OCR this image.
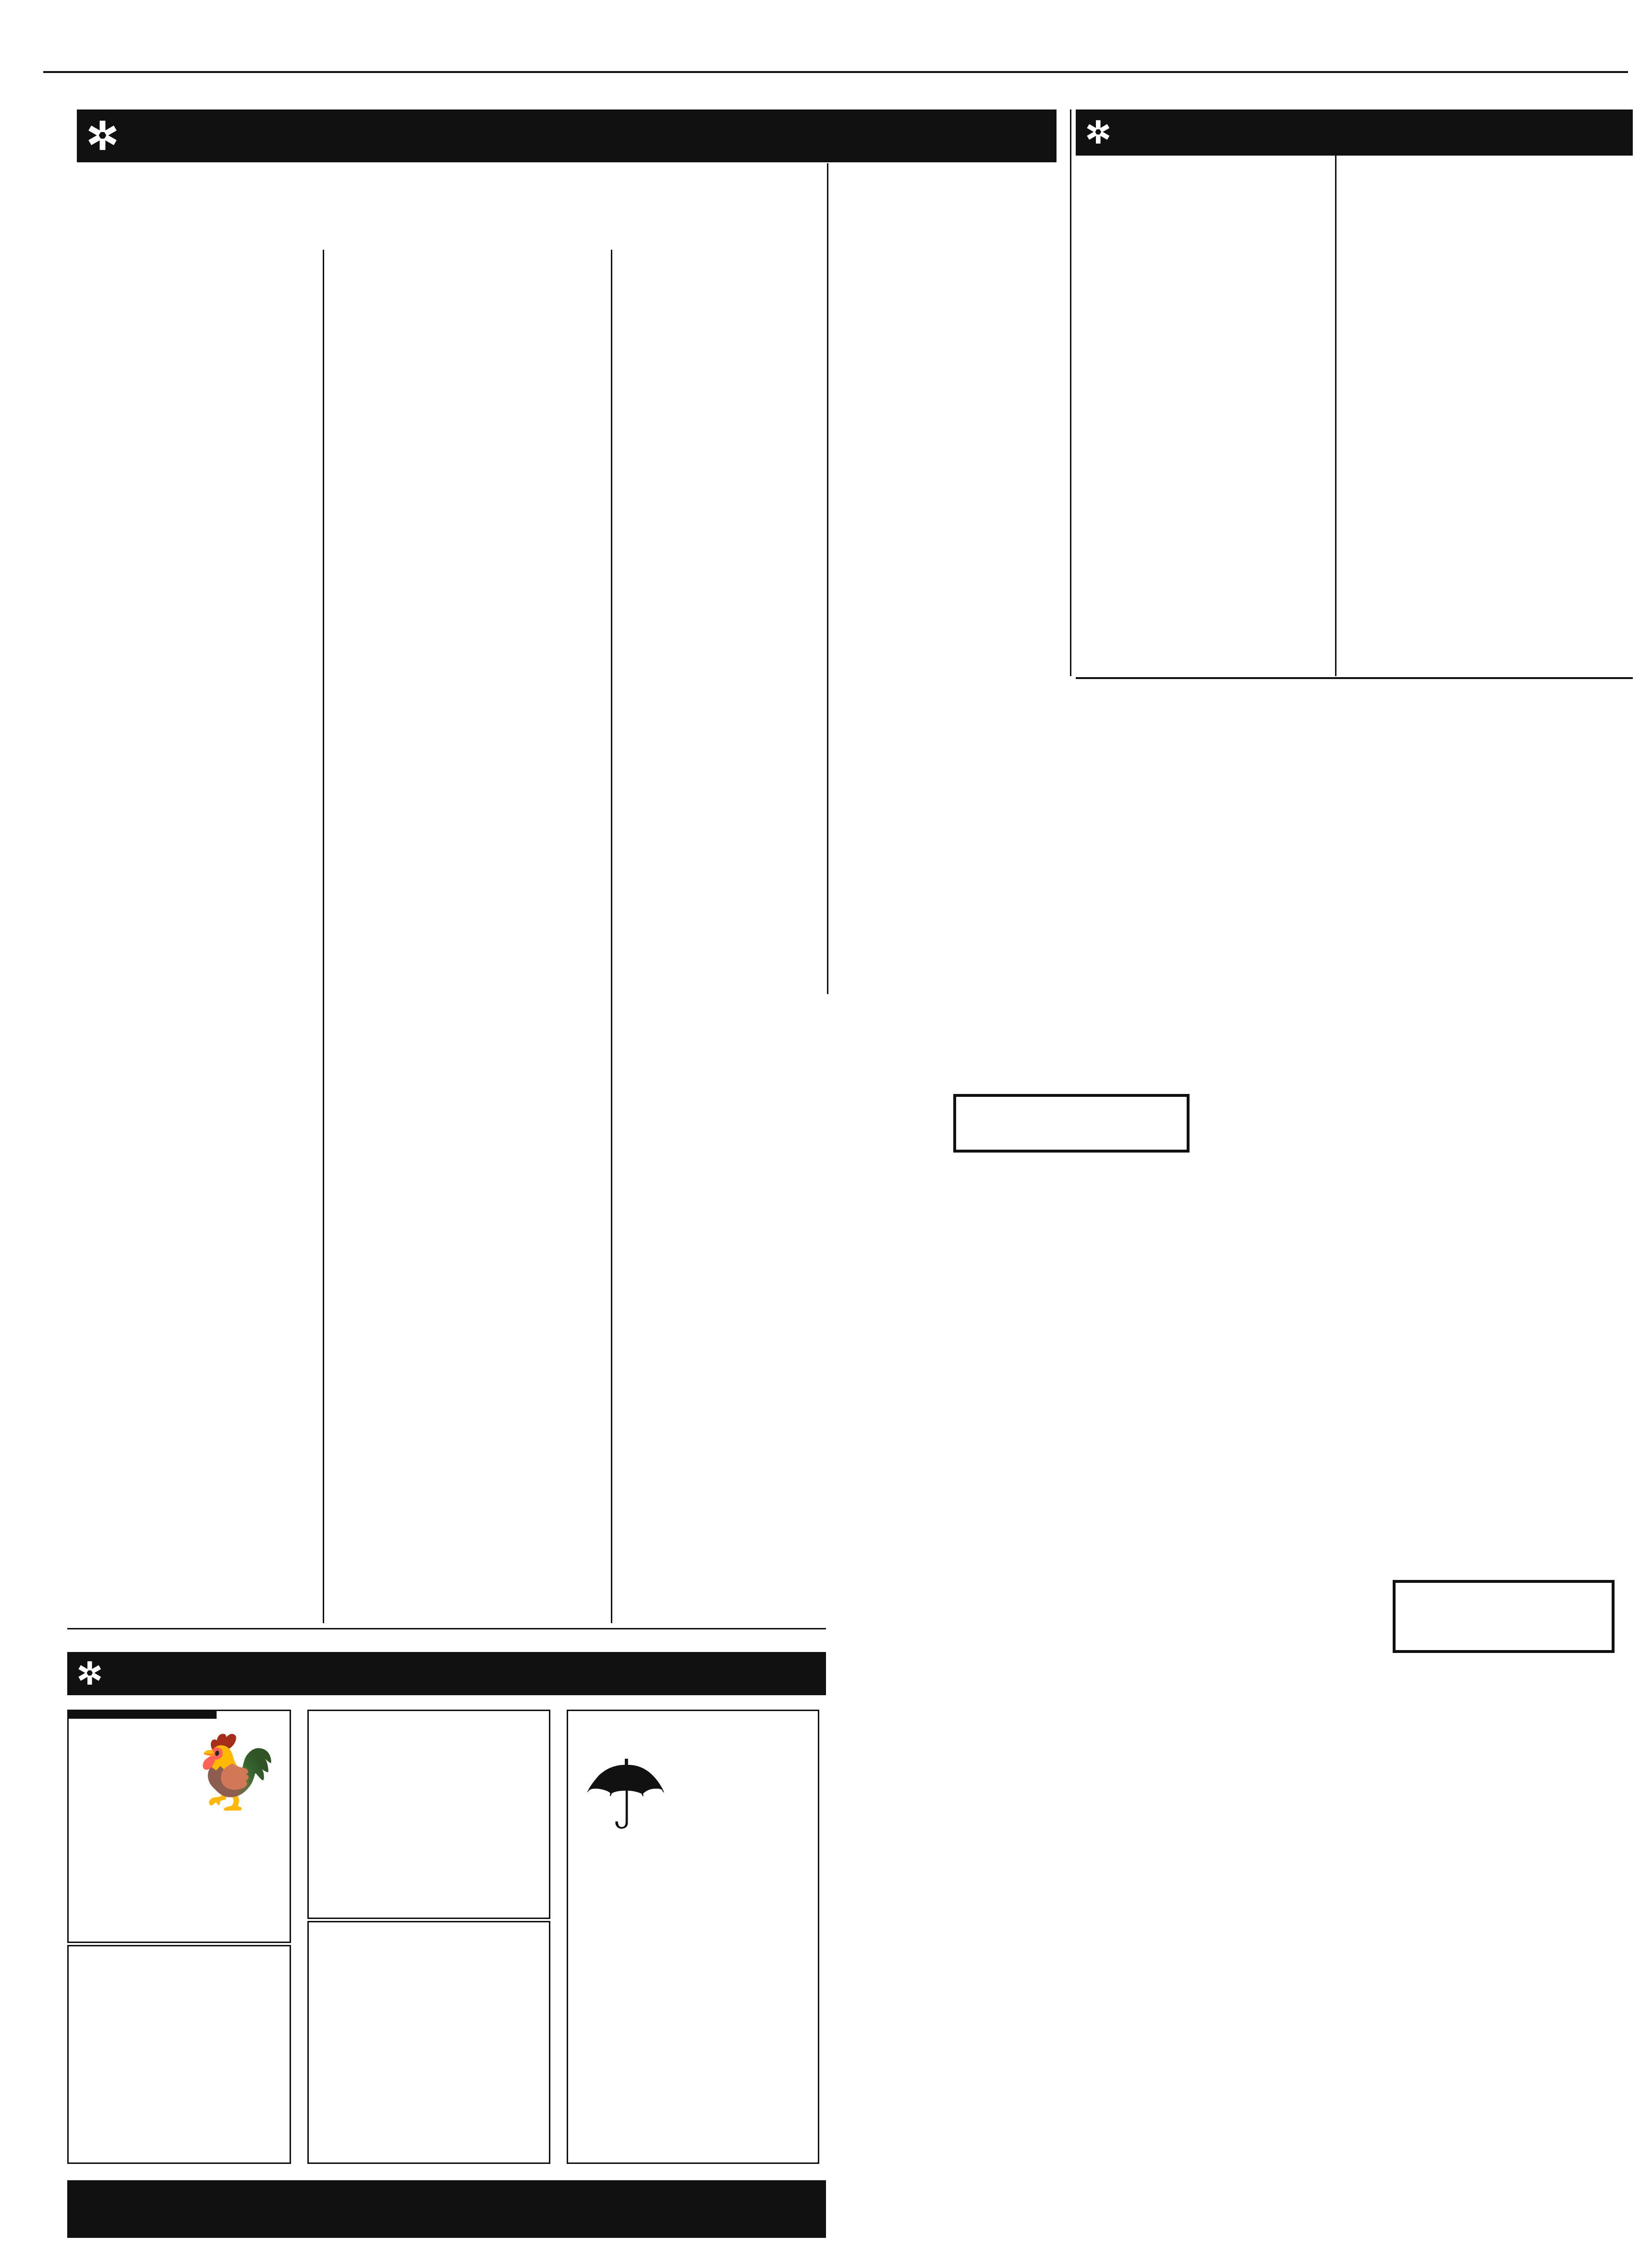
✲	✲
✲
🐓	☂
